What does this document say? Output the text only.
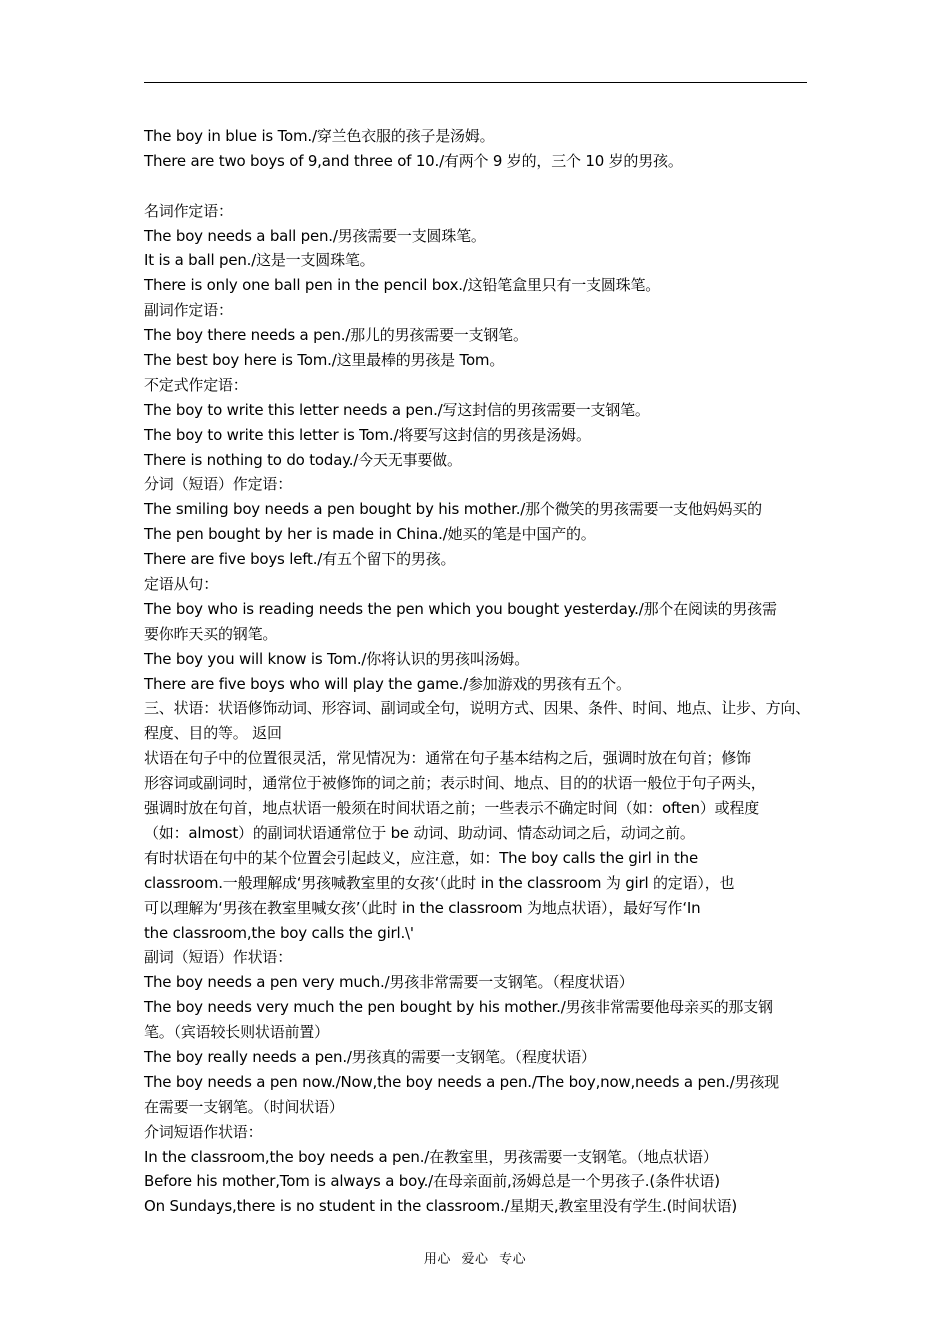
The boy in blue is Tom./穿兰色衣服的孩子是汤姆。
There are two boys of 9,and three of 10./有两个 9 岁的，三个 10 岁的男孩。
名词作定语：
The boy needs a ball pen./男孩需要一支圆珠笔。
It is a ball pen./这是一支圆珠笔。
There is only one ball pen in the pencil box./这铅笔盒里只有一支圆珠笔。
副词作定语：
The boy there needs a pen./那儿的男孩需要一支钢笔。
The best boy here is Tom./这里最棒的男孩是 Tom。
不定式作定语：
The boy to write this letter needs a pen./写这封信的男孩需要一支钢笔。
The boy to write this letter is Tom./将要写这封信的男孩是汤姆。
There is nothing to do today./今天无事要做。
分词（短语）作定语：
The smiling boy needs a pen bought by his mother./那个微笑的男孩需要一支他妈妈买的
The pen bought by her is made in China./她买的笔是中国产的。
There are five boys left./有五个留下的男孩。
定语从句：
The boy who is reading needs the pen which you bought yesterday./那个在阅读的男孩需
要你昨天买的钢笔。
The boy you will know is Tom./你将认识的男孩叫汤姆。
There are five boys who will play the game./参加游戏的男孩有五个。
三、状语：状语修饰动词、形容词、副词或全句，说明方式、因果、条件、时间、地点、让步、方向、
程度、目的等。 返回
状语在句子中的位置很灵活，常见情况为：通常在句子基本结构之后，强调时放在句首；修饰
形容词或副词时，通常位于被修饰的词之前；表示时间、地点、目的的状语一般位于句子两头，
强调时放在句首，地点状语一般须在时间状语之前；一些表示不确定时间（如：often）或程度
（如：almost）的副词状语通常位于 be 动词、助动词、情态动词之后，动词之前。
有时状语在句中的某个位置会引起歧义，应注意，如：The boy calls the girl in the
classroom.一般理解成‘男孩喊教室里的女孩‘（此时 in the classroom 为 girl 的定语），也
可以理解为‘男孩在教室里喊女孩’（此时 in the classroom 为地点状语），最好写作‘In
the classroom,the boy calls the girl.\'
副词（短语）作状语：
The boy needs a pen very much./男孩非常需要一支钢笔。（程度状语）
The boy needs very much the pen bought by his mother./男孩非常需要他母亲买的那支钢
笔。（宾语较长则状语前置）
The boy really needs a pen./男孩真的需要一支钢笔。（程度状语）
The boy needs a pen now./Now,the boy needs a pen./The boy,now,needs a pen./男孩现
在需要一支钢笔。（时间状语）
介词短语作状语：
In the classroom,the boy needs a pen./在教室里，男孩需要一支钢笔。（地点状语）
Before his mother,Tom is always a boy./在母亲面前,汤姆总是一个男孩子.(条件状语)
On Sundays,there is no student in the classroom./星期天,教室里没有学生.(时间状语)
用心 爱心 专心
